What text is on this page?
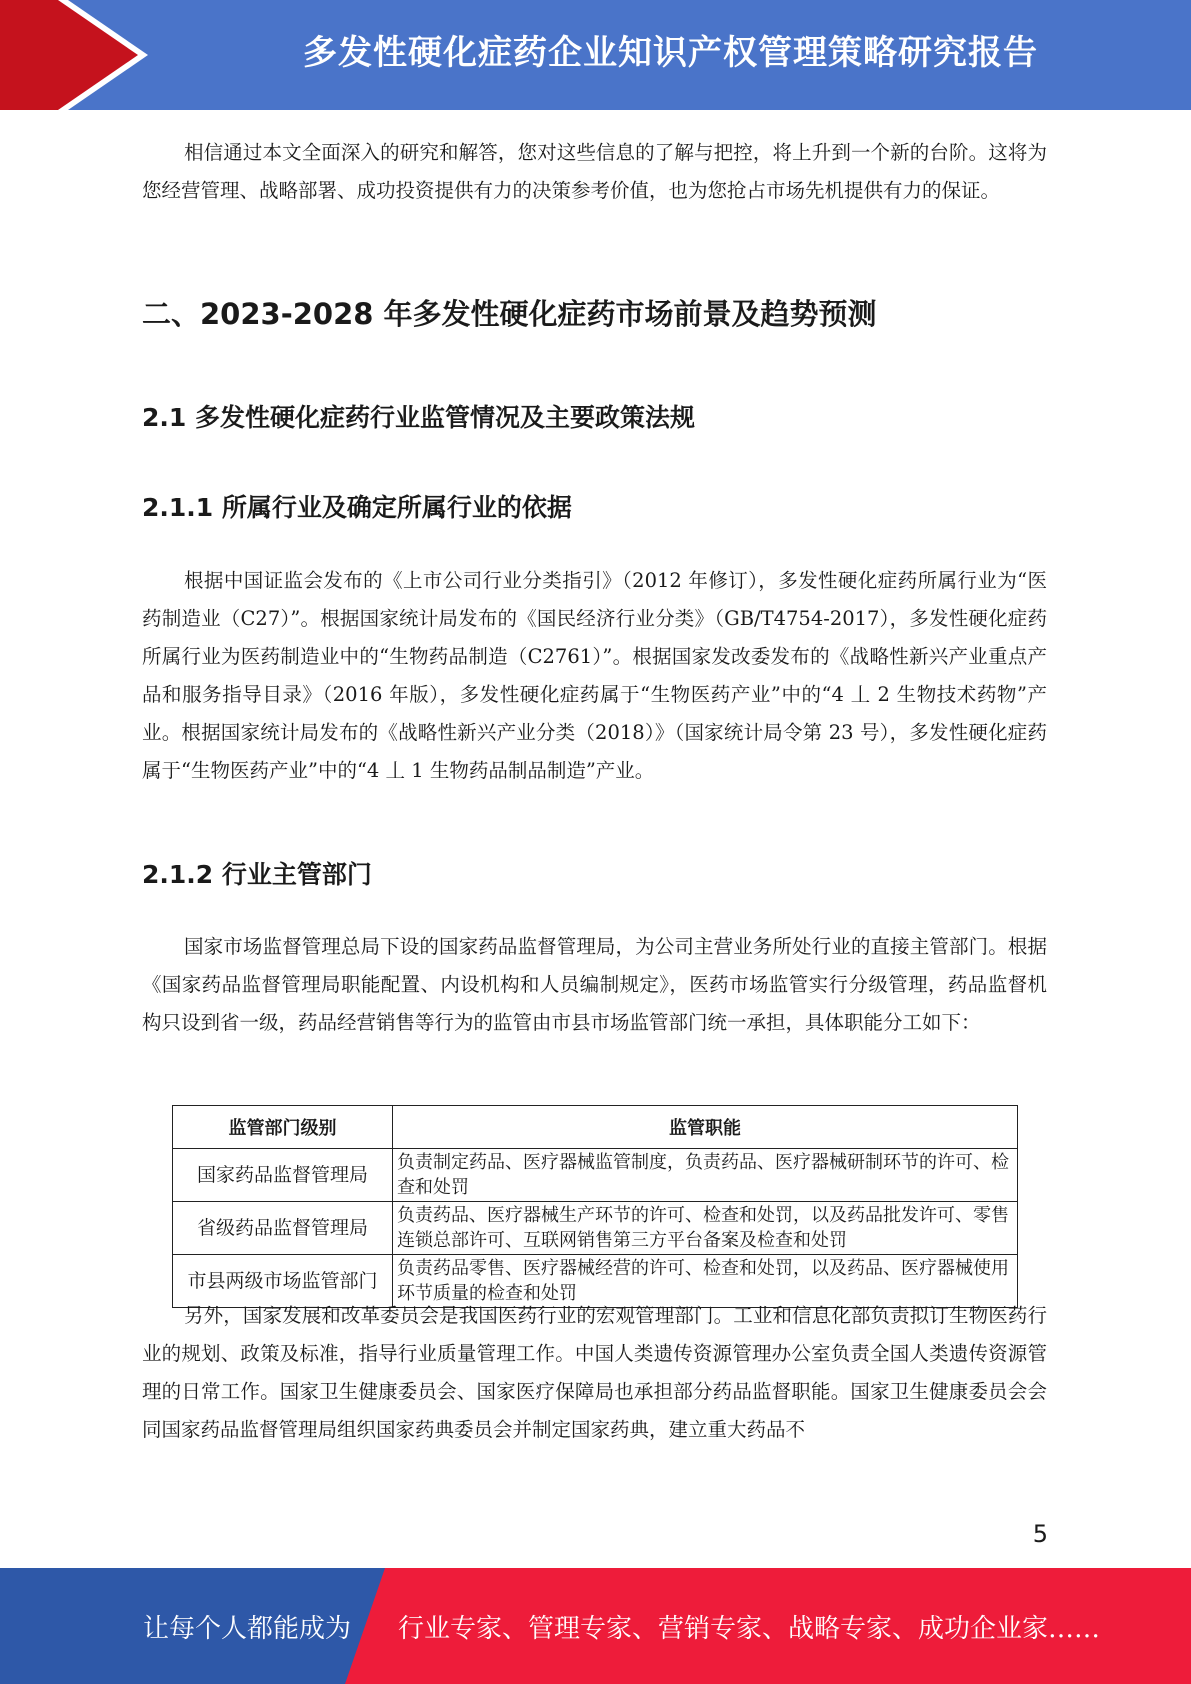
多发性硬化症药企业知识产权管理策略研究报告

相信通过本文全面深入的研究和解答，您对这些信息的了解与把控，将上升到一个新的台阶。这将为您经营管理、战略部署、成功投资提供有力的决策参考价值，也为您抢占市场先机提供有力的保证。

二、2023-2028 年多发性硬化症药市场前景及趋势预测
2.1 多发性硬化症药行业监管情况及主要政策法规
2.1.1 所属行业及确定所属行业的依据

根据中国证监会发布的《上市公司行业分类指引》（2012 年修订），多发性硬化症药所属行业为“医药制造业（C27）”。根据国家统计局发布的《国民经济行业分类》（GB/T4754-2017），多发性硬化症药所属行业为医药制造业中的“生物药品制造（C2761）”。根据国家发改委发布的《战略性新兴产业重点产品和服务指导目录》（2016 年版），多发性硬化症药属于“生物医药产业”中的“4 丄 2 生物技术药物”产业。根据国家统计局发布的《战略性新兴产业分类（2018）》（国家统计局令第 23 号），多发性硬化症药属于“生物医药产业”中的“4 丄 1 生物药品制品制造”产业。

2.1.2 行业主管部门

国家市场监督管理总局下设的国家药品监督管理局，为公司主营业务所处行业的直接主管部门。根据《国家药品监督管理局职能配置、内设机构和人员编制规定》，医药市场监管实行分级管理，药品监督机构只设到省一级，药品经营销售等行为的监管由市县市场监管部门统一承担，具体职能分工如下：

监管部门级别	监管职能
国家药品监督管理局	负责制定药品、医疗器械监管制度，负责药品、医疗器械研制环节的许可、检查和处罚
省级药品监督管理局	负责药品、医疗器械生产环节的许可、检查和处罚，以及药品批发许可、零售连锁总部许可、互联网销售第三方平台备案及检查和处罚
市县两级市场监管部门	负责药品零售、医疗器械经营的许可、检查和处罚，以及药品、医疗器械使用环节质量的检查和处罚

另外，国家发展和改革委员会是我国医药行业的宏观管理部门。工业和信息化部负责拟订生物医药行业的规划、政策及标准，指导行业质量管理工作。中国人类遗传资源管理办公室负责全国人类遗传资源管理的日常工作。国家卫生健康委员会、国家医疗保障局也承担部分药品监督职能。国家卫生健康委员会会同国家药品监督管理局组织国家药典委员会并制定国家药典，建立重大药品不

5
让每个人都能成为 行业专家、管理专家、营销专家、战略专家、成功企业家……
